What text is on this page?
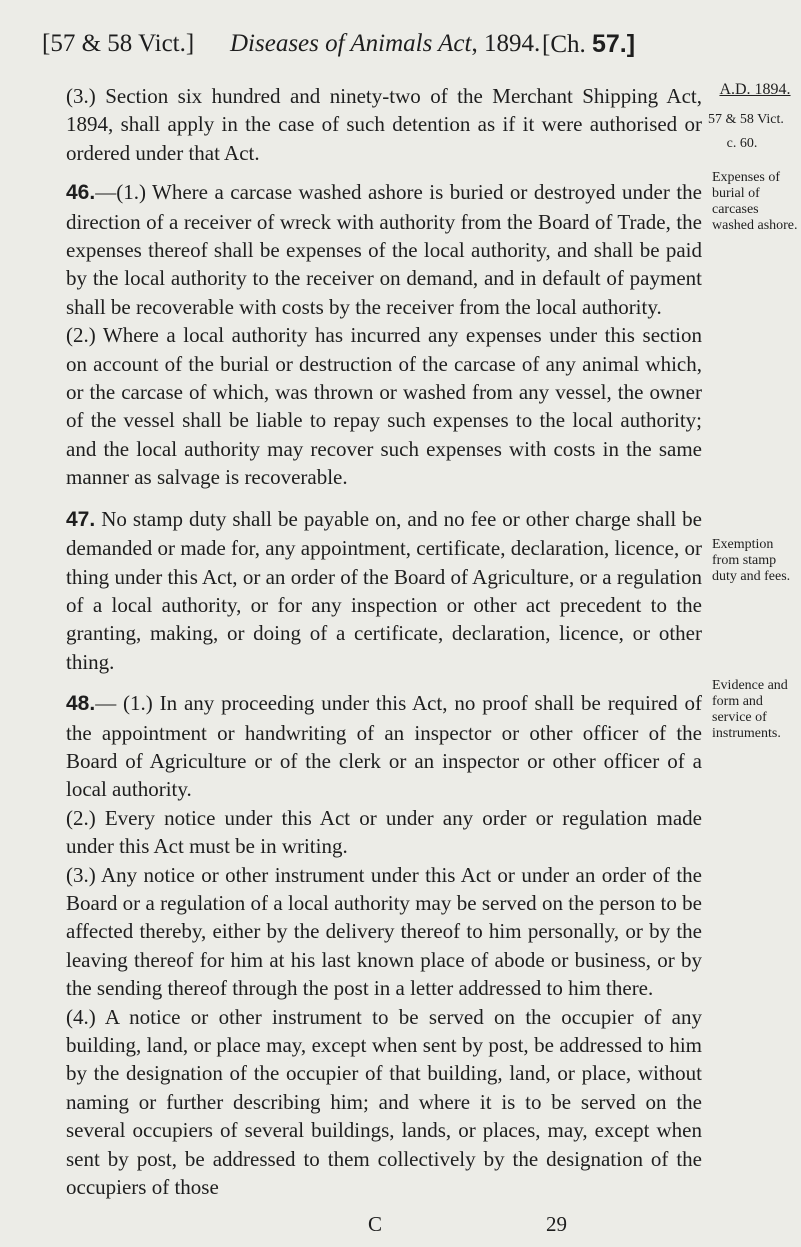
[57 & 58 Vict.] Diseases of Animals Act, 1894. [Ch. 57.]

(3.) Section six hundred and ninety-two of the Merchant Shipping Act, 1894, shall apply in the case of such detention as if it were authorised or ordered under that Act.

46.—(1.) Where a carcase washed ashore is buried or destroyed under the direction of a receiver of wreck with authority from the Board of Trade, the expenses thereof shall be expenses of the local authority, and shall be paid by the local authority to the receiver on demand, and in default of payment shall be recoverable with costs by the receiver from the local authority.

(2.) Where a local authority has incurred any expenses under this section on account of the burial or destruction of the carcase of any animal which, or the carcase of which, was thrown or washed from any vessel, the owner of the vessel shall be liable to repay such expenses to the local authority; and the local authority may recover such expenses with costs in the same manner as salvage is recoverable.

47. No stamp duty shall be payable on, and no fee or other charge shall be demanded or made for, any appointment, certificate, declaration, licence, or thing under this Act, or an order of the Board of Agriculture, or a regulation of a local authority, or for any inspection or other act precedent to the granting, making, or doing of a certificate, declaration, licence, or other thing.

48.— (1.) In any proceeding under this Act, no proof shall be required of the appointment or handwriting of an inspector or other officer of the Board of Agriculture or of the clerk or an inspector or other officer of a local authority.

(2.) Every notice under this Act or under any order or regulation made under this Act must be in writing.

(3.) Any notice or other instrument under this Act or under an order of the Board or a regulation of a local authority may be served on the person to be affected thereby, either by the delivery thereof to him personally, or by the leaving thereof for him at his last known place of abode or business, or by the sending thereof through the post in a letter addressed to him there.

(4.) A notice or other instrument to be served on the occupier of any building, land, or place may, except when sent by post, be addressed to him by the designation of the occupier of that building, land, or place, without naming or further describing him; and where it is to be served on the several occupiers of several buildings, lands, or places, may, except when sent by post, be addressed to them collectively by the designation of the occupiers of those

A.D. 1894.
57 & 58 Vict.
c. 60.
Expenses of burial of carcases washed ashore.
Exemption from stamp duty and fees.
Evidence and form and service of instruments.
C	29
